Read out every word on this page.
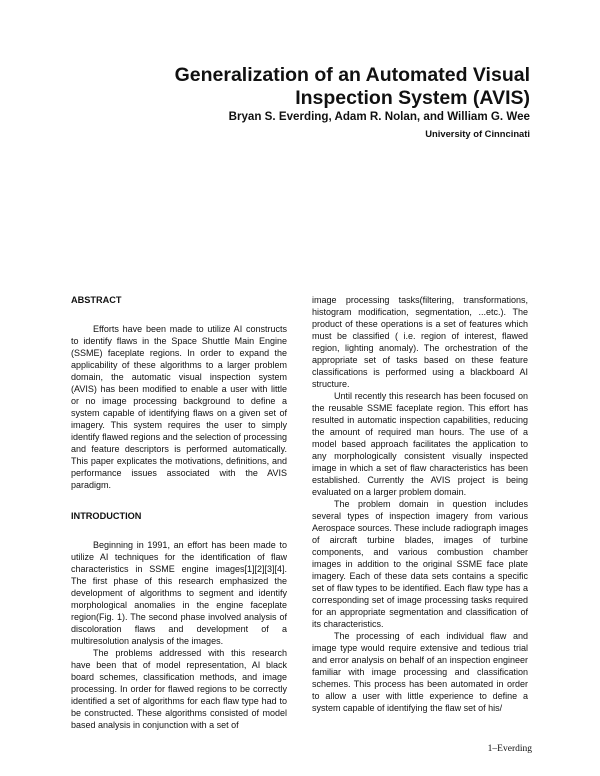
Generalization of an Automated Visual
Inspection System (AVIS)
Bryan S. Everding, Adam R. Nolan, and William G. Wee
University of Cinncinati
ABSTRACT

Efforts have been made to utilize AI constructs to identify flaws in the Space Shuttle Main Engine (SSME) faceplate regions. In order to expand the applicability of these algorithms to a larger problem domain, the automatic visual inspection system (AVIS) has been modified to enable a user with little or no image processing background to define a system capable of identifying flaws on a given set of imagery. This system requires the user to simply identify flawed regions and the selection of processing and feature descriptors is performed automatically. This paper explicates the motivations, definitions, and performance issues associated with the AVIS paradigm.

INTRODUCTION

Beginning in 1991, an effort has been made to utilize AI techniques for the identification of flaw characteristics in SSME engine images[1][2][3][4]. The first phase of this research emphasized the development of algorithms to segment and identify morphological anomalies in the engine faceplate region(Fig. 1). The second phase involved analysis of discoloration flaws and development of a multiresolution analysis of the images.

The problems addressed with this research have been that of model representation, AI black board schemes, classification methods, and image processing. In order for flawed regions to be correctly identified a set of algorithms for each flaw type had to be constructed. These algorithms consisted of model based analysis in conjunction with a set of

image processing tasks(filtering, transformations, histogram modification, segmentation, ...etc.). The product of these operations is a set of features which must be classified ( i.e. region of interest, flawed region, lighting anomaly). The orchestration of the appropriate set of tasks based on these feature classifications is performed using a blackboard AI structure.

Until recently this research has been focused on the reusable SSME faceplate region. This effort has resulted in automatic inspection capabilities, reducing the amount of required man hours. The use of a model based approach facilitates the application to any morphologically consistent visually inspected image in which a set of flaw characteristics has been established. Currently the AVIS project is being evaluated on a larger problem domain.

The problem domain in question includes several types of inspection imagery from various Aerospace sources. These include radiograph images of aircraft turbine blades, images of turbine components, and various combustion chamber images in addition to the original SSME face plate imagery. Each of these data sets contains a specific set of flaw types to be identified. Each flaw type has a corresponding set of image processing tasks required for an appropriate segmentation and classification of its characteristics.

The processing of each individual flaw and image type would require extensive and tedious trial and error analysis on behalf of an inspection engineer familiar with image processing and classification schemes. This process has been automated in order to allow a user with little experience to define a system capable of identifying the flaw set of his/

1–Everding
